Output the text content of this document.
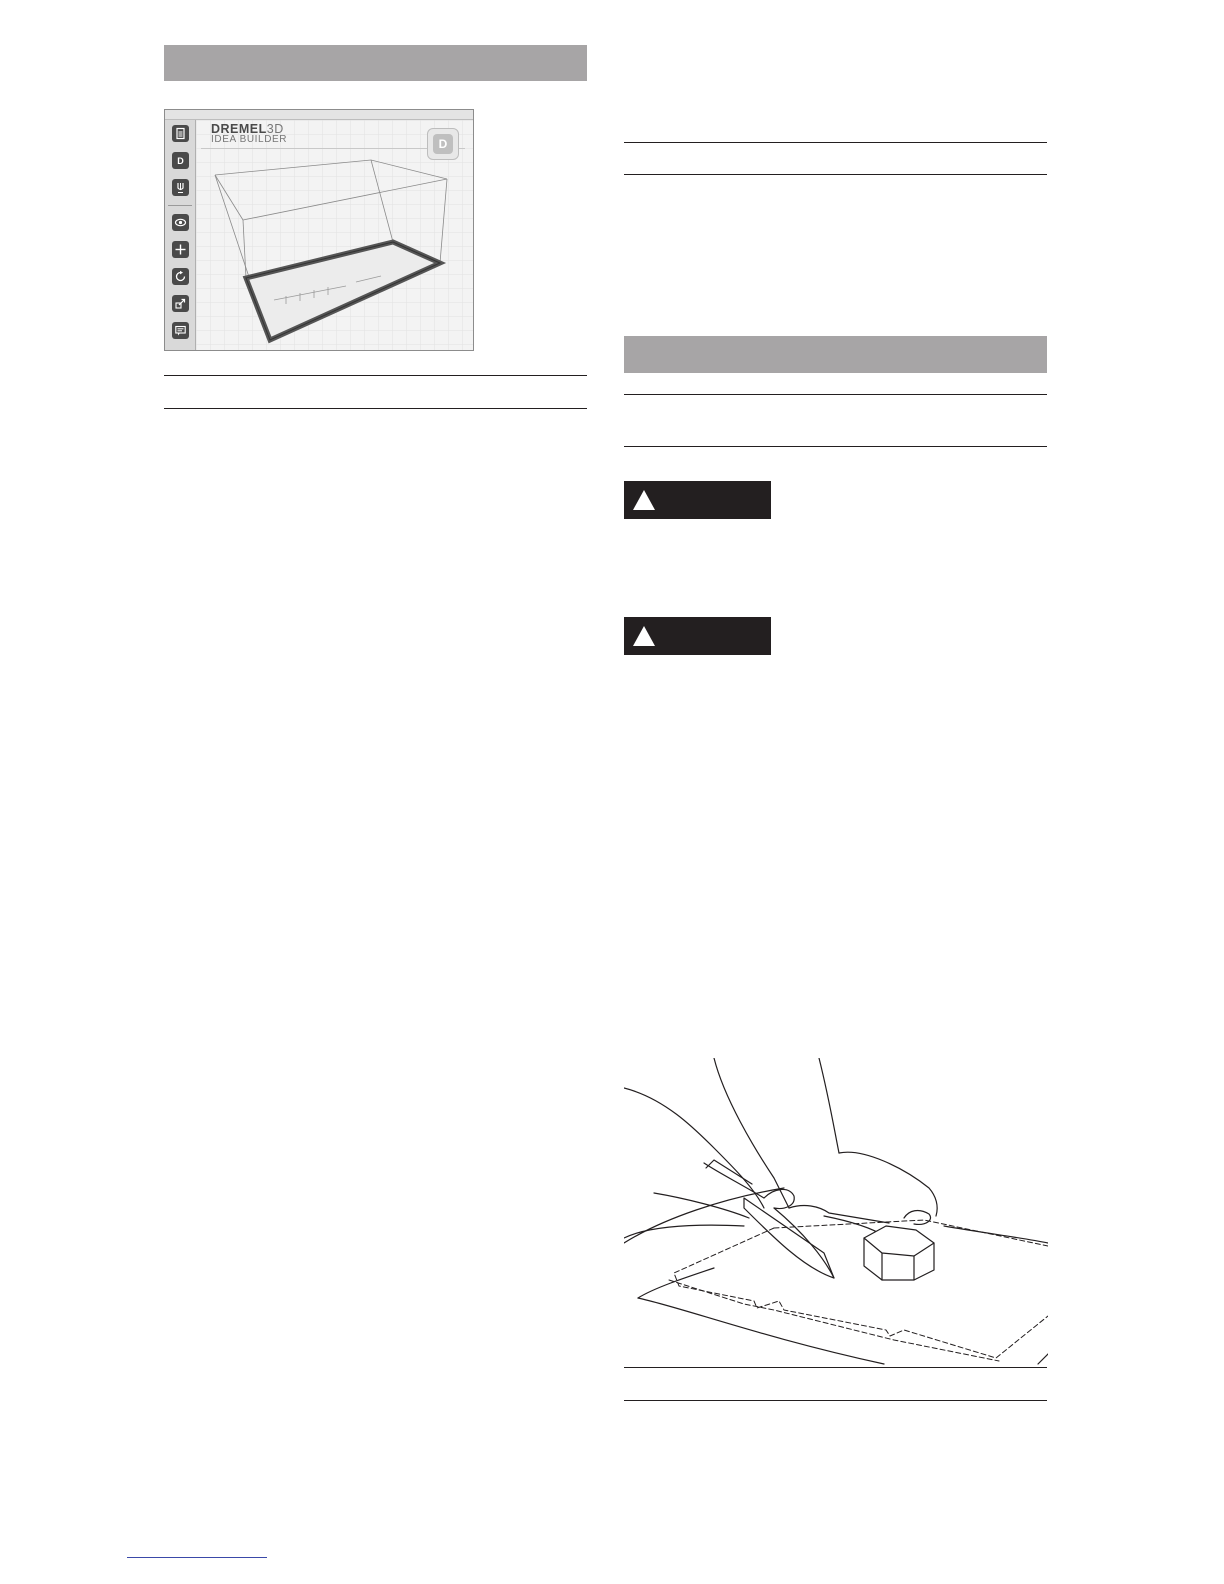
D
DREMEL3D
IDEA BUILDER	D
